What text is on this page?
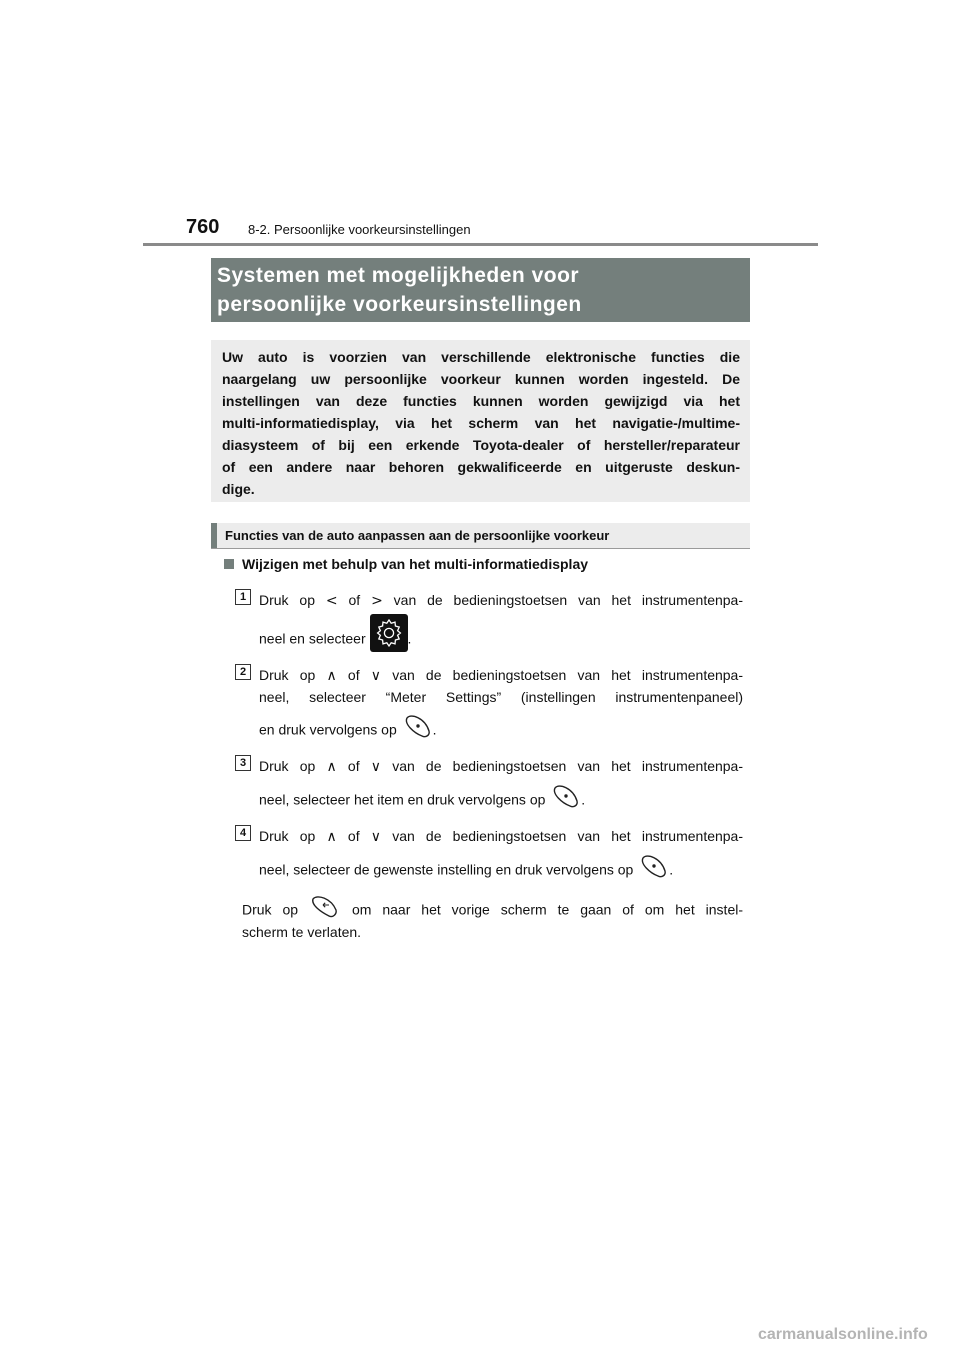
760 8-2. Persoonlijke voorkeursinstellingen
Systemen met mogelijkheden voor
persoonlijke voorkeursinstellingen
Uw auto is voorzien van verschillende elektronische functies die
naargelang uw persoonlijke voorkeur kunnen worden ingesteld. De
instellingen van deze functies kunnen worden gewijzigd via het
multi-informatiedisplay, via het scherm van het navigatie-/multime-
diasysteem of bij een erkende Toyota-dealer of hersteller/reparateur
of een andere naar behoren gekwalificeerde en uitgeruste deskun-
dige.
Functies van de auto aanpassen aan de persoonlijke voorkeur
Wijzigen met behulp van het multi-informatiedisplay
1 Druk op < of > van de bedieningstoetsen van het instrumentenpa-
neel en selecteer	.
2 Druk op ∧ of ∨ van de bedieningstoetsen van het instrumentenpa-
neel, selecteer “Meter Settings” (instellingen instrumentenpaneel)
en druk vervolgens op	.
3 Druk op ∧ of ∨ van de bedieningstoetsen van het instrumentenpa-
neel, selecteer het item en druk vervolgens op	.
4 Druk op ∧ of ∨ van de bedieningstoetsen van het instrumentenpa-
neel, selecteer de gewenste instelling en druk vervolgens op	.
Druk op	om naar het vorige scherm te gaan of om het instel-
scherm te verlaten.
carmanualsonline.info
